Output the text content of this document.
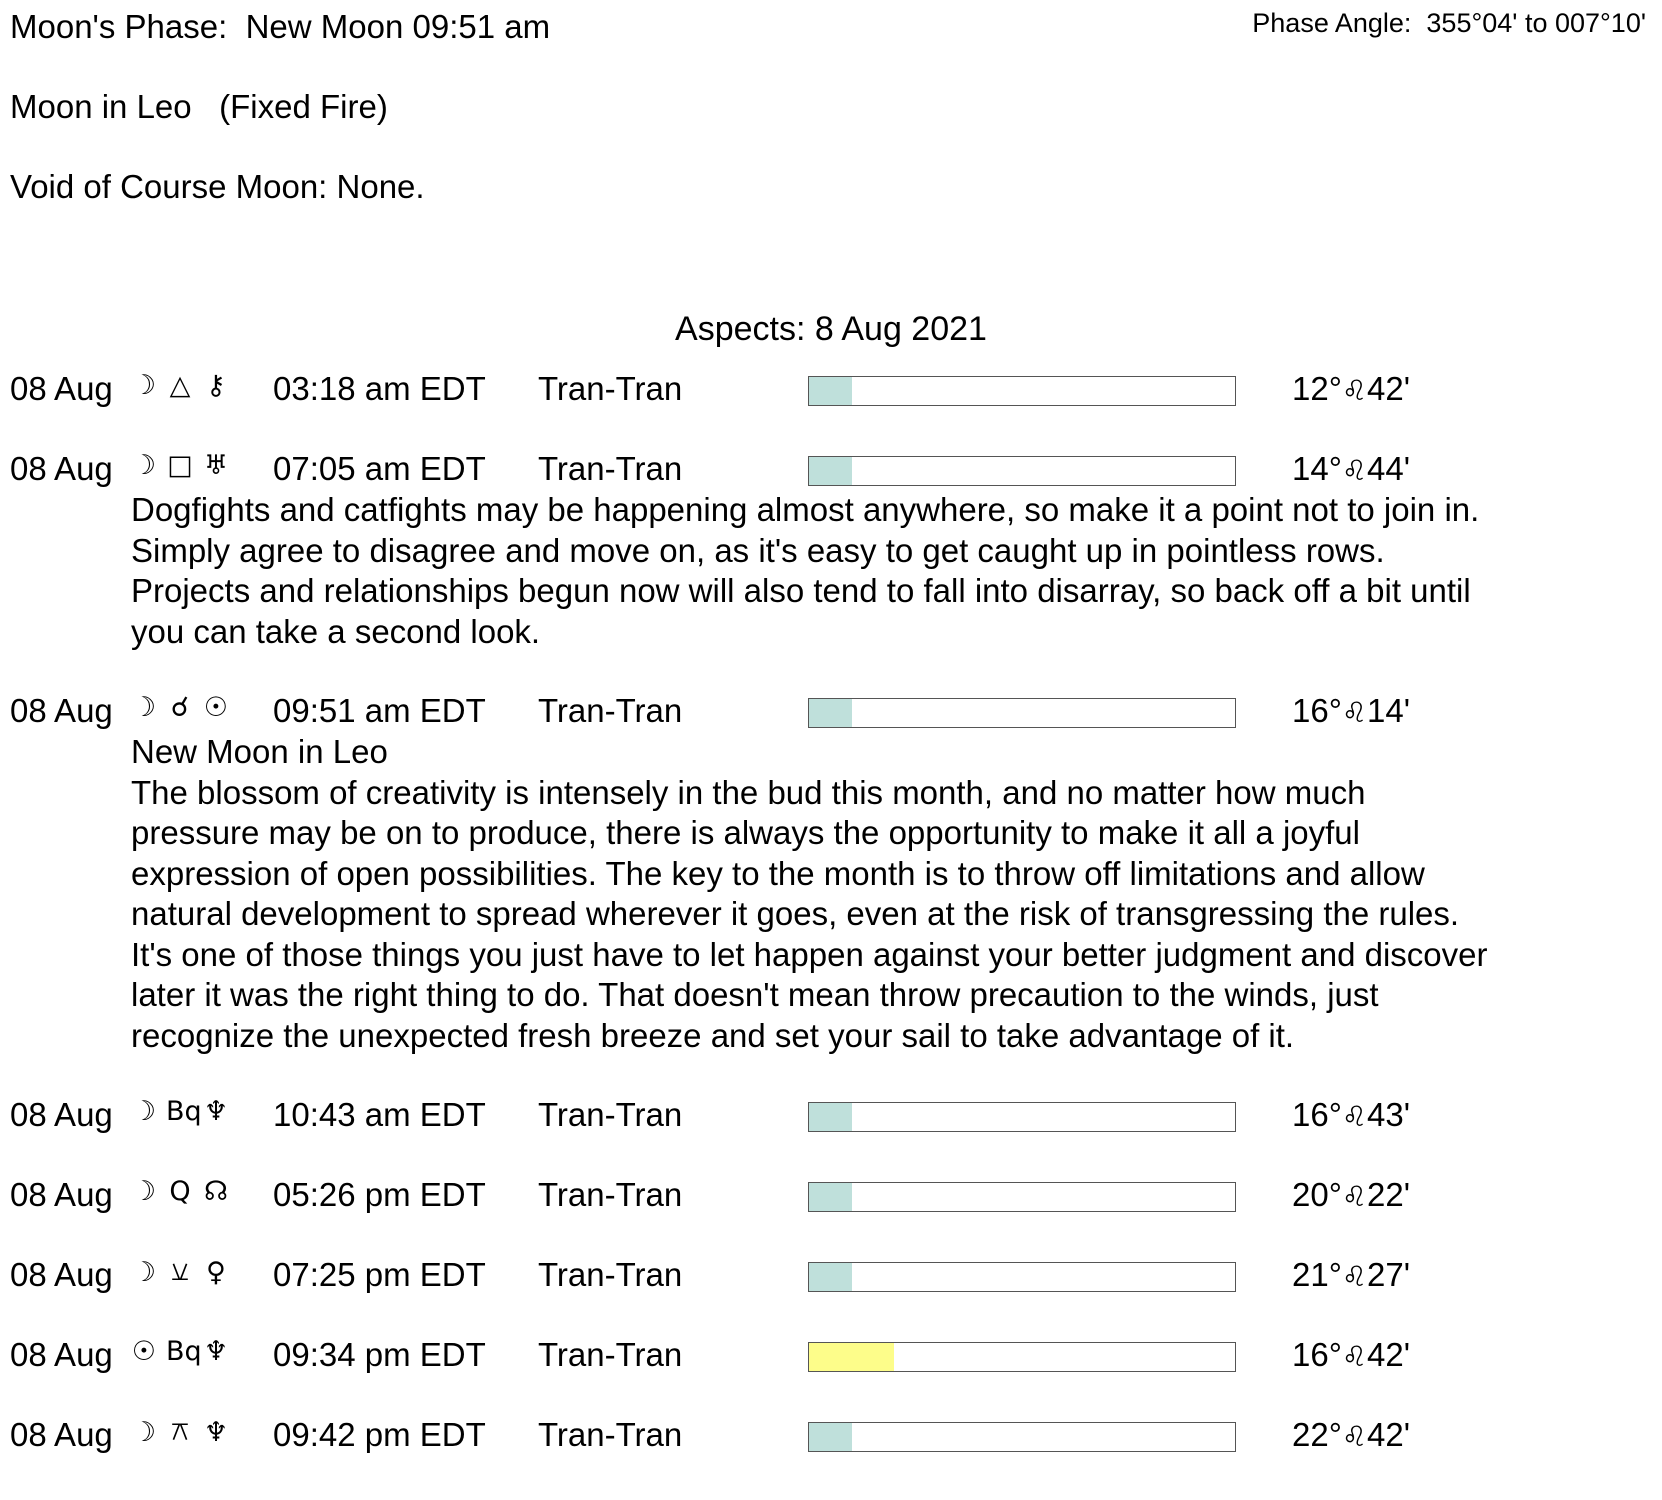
Moon's Phase:  New Moon 09:51 am	Phase Angle:  355°04' to 007°10'
Moon in Leo   (Fixed Fire)
Void of Course Moon: None.
Aspects: 8 Aug 2021
08 Aug ☽ △ ⚷ 03:18 am EDT Tran-Tran	12°♌42'
08 Aug ☽ □ ♅ 07:05 am EDT Tran-Tran	14°♌44'
Dogfights and catfights may be happening almost anywhere, so make it a point not to join in.
Simply agree to disagree and move on, as it's easy to get caught up in pointless rows.
Projects and relationships begun now will also tend to fall into disarray, so back off a bit until
you can take a second look.
08 Aug ☽ ☌ ☉ 09:51 am EDT Tran-Tran	16°♌14'
New Moon in Leo
The blossom of creativity is intensely in the bud this month, and no matter how much
pressure may be on to produce, there is always the opportunity to make it all a joyful
expression of open possibilities. The key to the month is to throw off limitations and allow
natural development to spread wherever it goes, even at the risk of transgressing the rules.
It's one of those things you just have to let happen against your better judgment and discover
later it was the right thing to do. That doesn't mean throw precaution to the winds, just
recognize the unexpected fresh breeze and set your sail to take advantage of it.
08 Aug ☽ Bq ♆ 10:43 am EDT Tran-Tran	16°♌43'
08 Aug ☽ Q ☊ 05:26 pm EDT Tran-Tran	20°♌22'
08 Aug ☽ ⚺ ♀ 07:25 pm EDT Tran-Tran	21°♌27'
08 Aug ☉ Bq ♆ 09:34 pm EDT Tran-Tran	16°♌42'
08 Aug ☽ ⚻ ♆ 09:42 pm EDT Tran-Tran	22°♌42'
